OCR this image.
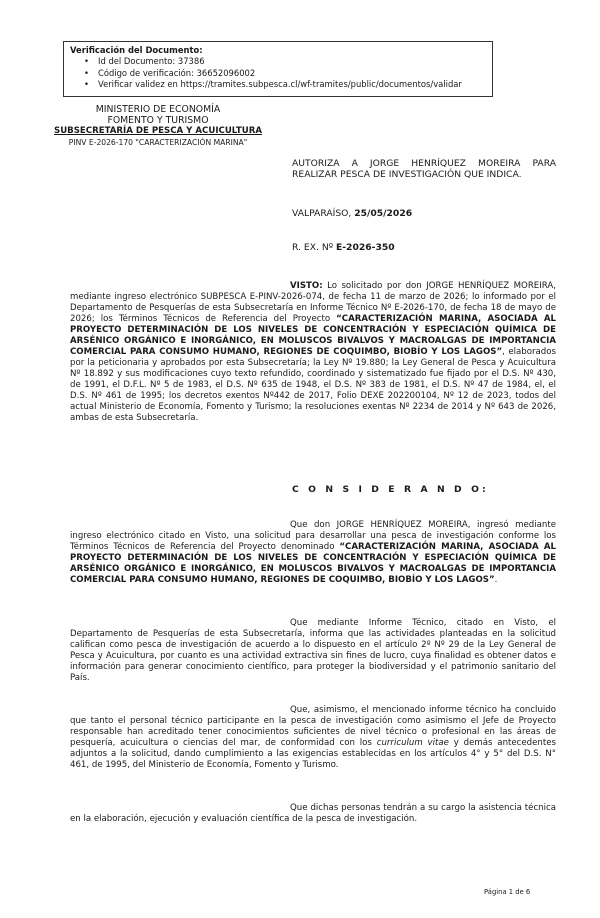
Verificación del Documento:
• Id del Documento: 37386
• Código de verificación: 36652096002
• Verificar validez en https://tramites.subpesca.cl/wf-tramites/public/documentos/validar
MINISTERIO DE ECONOMÍA
FOMENTO Y TURISMO
SUBSECRETARÍA DE PESCA Y ACUICULTURA
PINV E-2026-170 "CARACTERIZACIÓN MARINA"
AUTORIZA A JORGE HENRÍQUEZ MOREIRA PARA REALIZAR PESCA DE INVESTIGACIÓN QUE INDICA.
VALPARAÍSO, 25/05/2026
R. EX. Nº E-2026-350

VISTO: Lo solicitado por don JORGE HENRÍQUEZ MOREIRA, mediante ingreso electrónico SUBPESCA E-PINV-2026-074, de fecha 11 de marzo de 2026; lo informado por el Departamento de Pesquerías de esta Subsecretaría en Informe Técnico Nº E-2026-170, de fecha 18 de mayo de 2026; los Términos Técnicos de Referencia del Proyecto “CARACTERIZACIÓN MARINA, ASOCIADA AL PROYECTO DETERMINACIÓN DE LOS NIVELES DE CONCENTRACIÓN Y ESPECIACIÓN QUÍMICA DE ARSÉNICO ORGÁNICO E INORGÁNICO, EN MOLUSCOS BIVALVOS Y MACROALGAS DE IMPORTANCIA COMERCIAL PARA CONSUMO HUMANO, REGIONES DE COQUIMBO, BIOBÍO Y LOS LAGOS”, elaborados por la peticionaria y aprobados por esta Subsecretaría; la Ley Nº 19.880; la Ley General de Pesca y Acuicultura Nº 18.892 y sus modificaciones cuyo texto refundido, coordinado y sistematizado fue fijado por el D.S. Nº 430, de 1991, el D.F.L. Nº 5 de 1983, el D.S. Nº 635 de 1948, el D.S. Nº 383 de 1981, el D.S. Nº 47 de 1984, el, el D.S. Nº 461 de 1995; los decretos exentos Nº442 de 2017, Folio DEXE 202200104, Nº 12 de 2023, todos del actual Ministerio de Economía, Fomento y Turismo; la resoluciones exentas Nº 2234 de 2014 y Nº 643 de 2026, ambas de esta Subsecretaría.

C O N S I D E R A N D O:

Que don JORGE HENRÍQUEZ MOREIRA, ingresó mediante ingreso electrónico citado en Visto, una solicitud para desarrollar una pesca de investigación conforme los Términos Técnicos de Referencia del Proyecto denominado “CARACTERIZACIÓN MARINA, ASOCIADA AL PROYECTO DETERMINACIÓN DE LOS NIVELES DE CONCENTRACIÓN Y ESPECIACIÓN QUÍMICA DE ARSÉNICO ORGÁNICO E INORGÁNICO, EN MOLUSCOS BIVALVOS Y MACROALGAS DE IMPORTANCIA COMERCIAL PARA CONSUMO HUMANO, REGIONES DE COQUIMBO, BIOBÍO Y LOS LAGOS”.

Que mediante Informe Técnico, citado en Visto, el Departamento de Pesquerías de esta Subsecretaría, informa que las actividades planteadas en la solicitud califican como pesca de investigación de acuerdo a lo dispuesto en el artículo 2º Nº 29 de la Ley General de Pesca y Acuicultura, por cuanto es una actividad extractiva sin fines de lucro, cuya finalidad es obtener datos e información para generar conocimiento científico, para proteger la biodiversidad y el patrimonio sanitario del País.

Que, asimismo, el mencionado informe técnico ha concluido que tanto el personal técnico participante en la pesca de investigación como asimismo el Jefe de Proyecto responsable han acreditado tener conocimientos suficientes de nivel técnico o profesional en las áreas de pesquería, acuicultura o ciencias del mar, de conformidad con los curriculum vitae y demás antecedentes adjuntos a la solicitud, dando cumplimiento a las exigencias establecidas en los artículos 4° y 5° del D.S. N° 461, de 1995, del Ministerio de Economía, Fomento y Turismo.

Que dichas personas tendrán a su cargo la asistencia técnica en la elaboración, ejecución y evaluación científica de la pesca de investigación.

Página 1 de 6
